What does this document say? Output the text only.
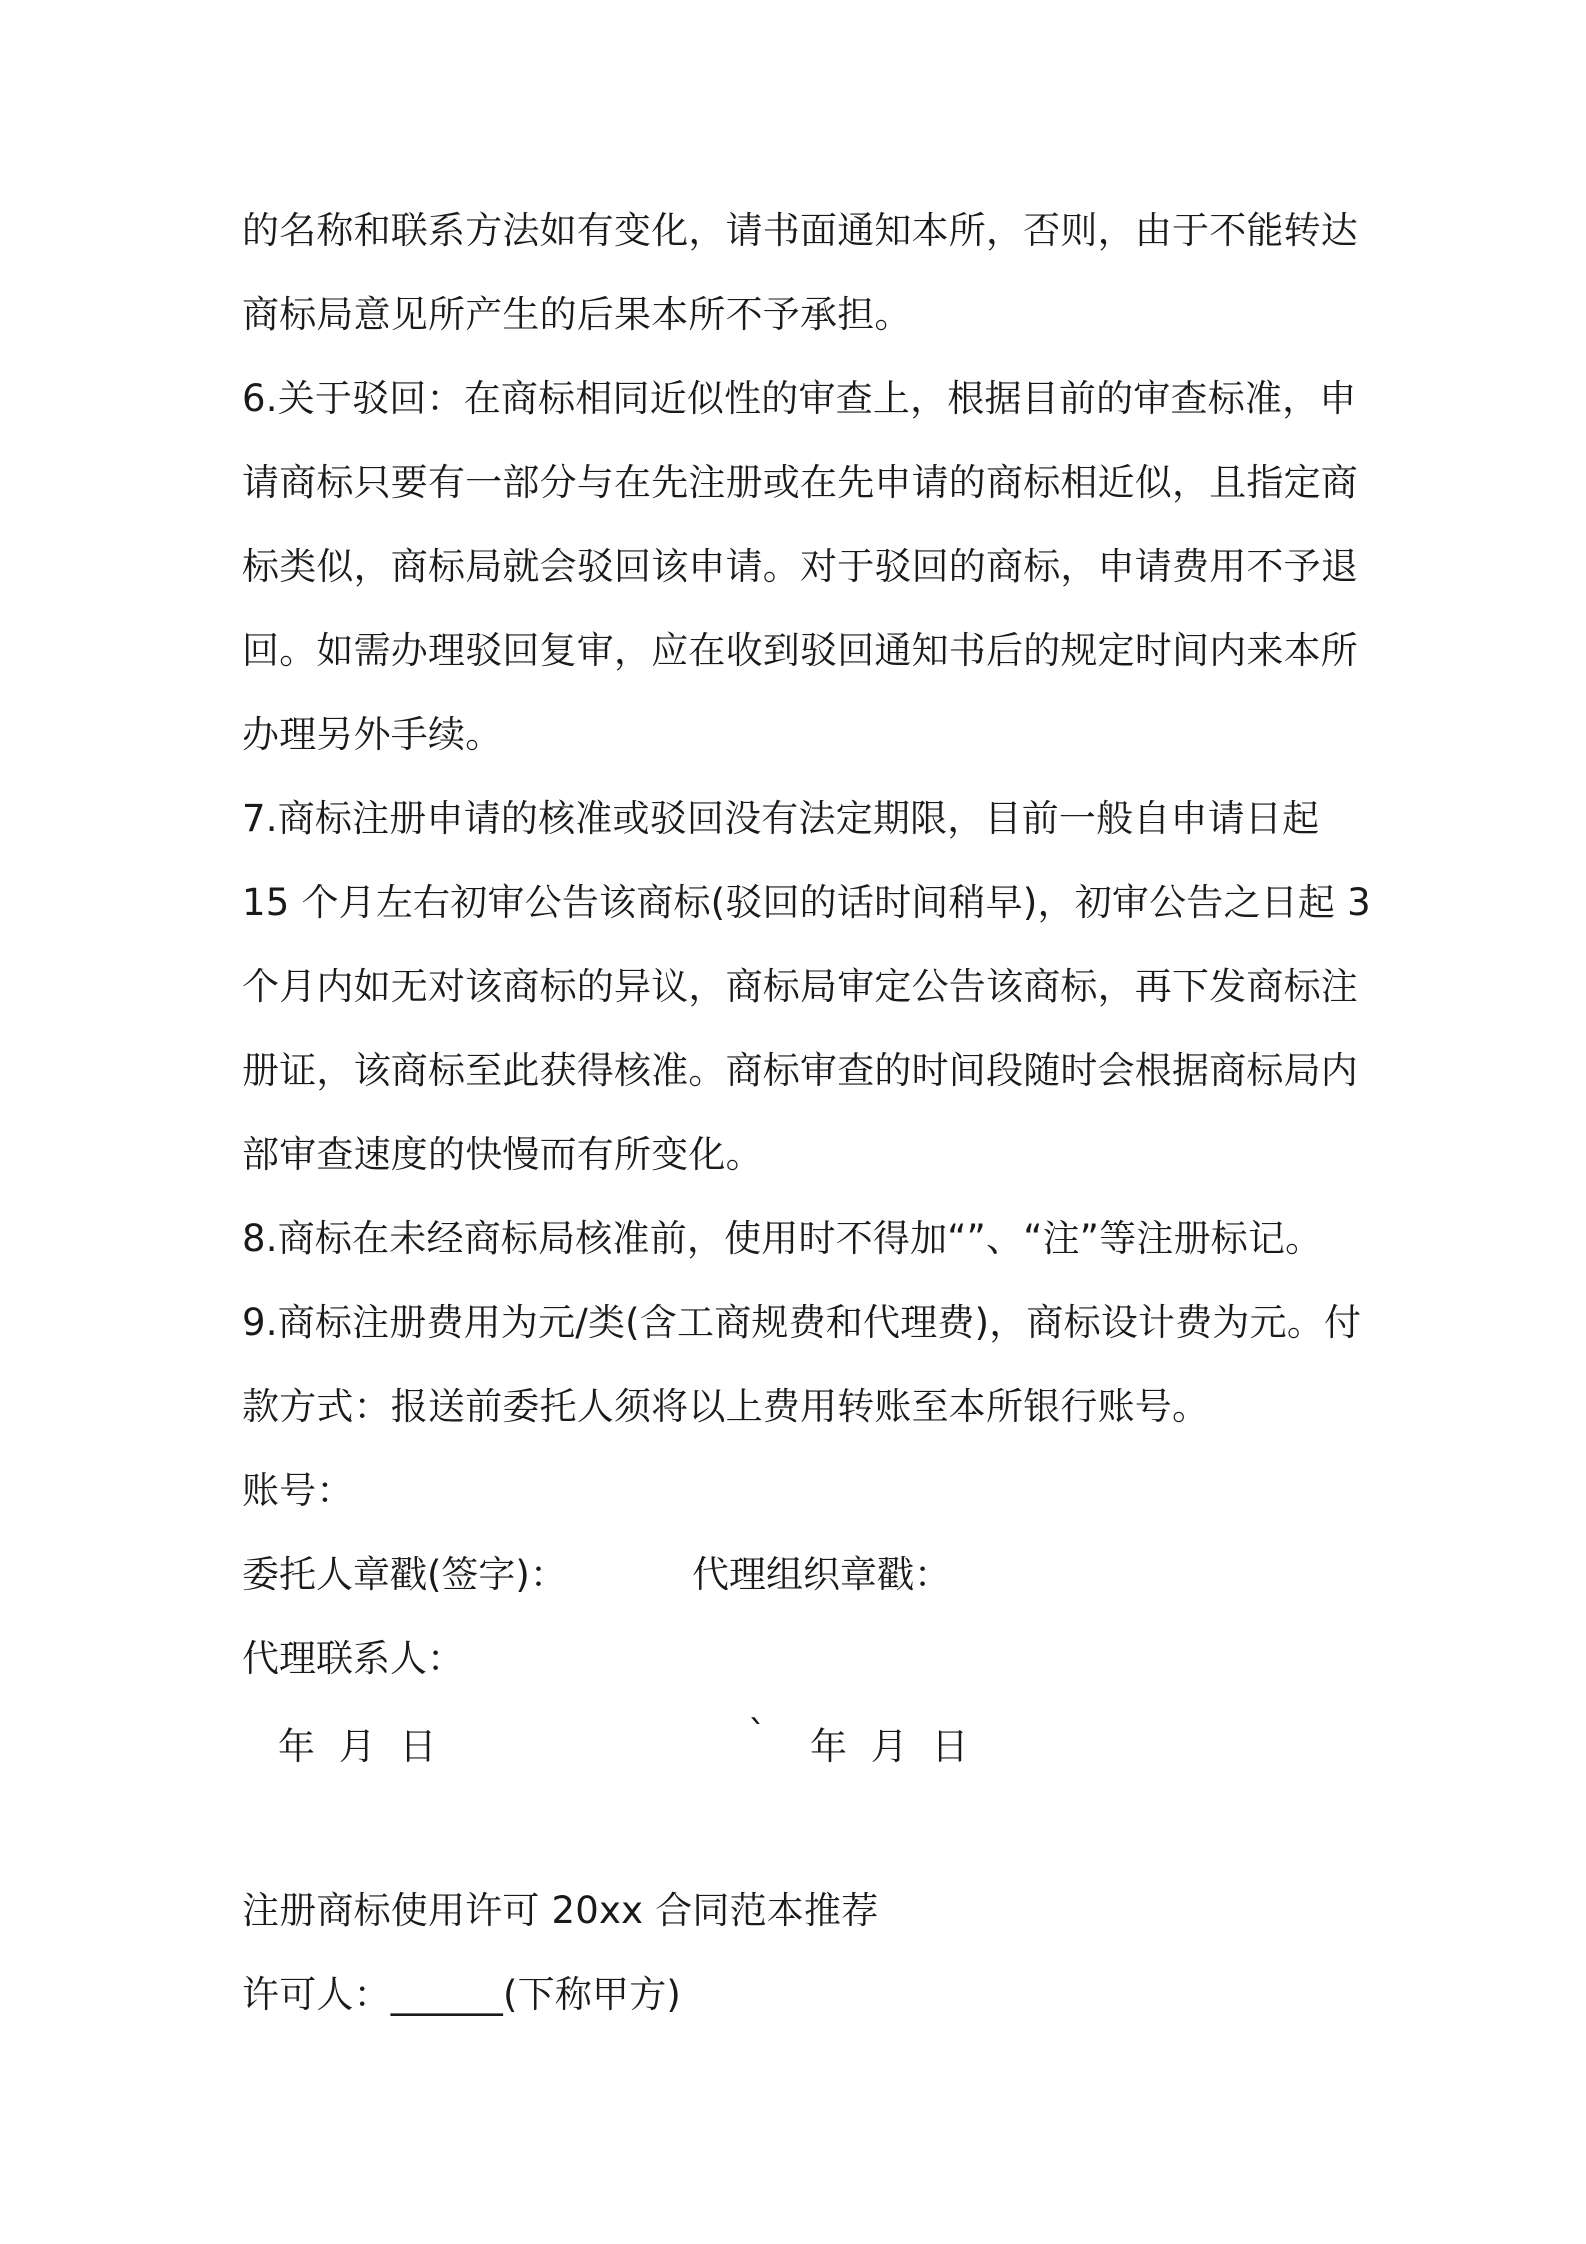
的名称和联系方法如有变化，请书面通知本所，否则，由于不能转达
商标局意见所产生的后果本所不予承担。
6.关于驳回：在商标相同近似性的审查上，根据目前的审查标准，申
请商标只要有一部分与在先注册或在先申请的商标相近似，且指定商
标类似，商标局就会驳回该申请。对于驳回的商标，申请费用不予退
回。如需办理驳回复审，应在收到驳回通知书后的规定时间内来本所
办理另外手续。
7.商标注册申请的核准或驳回没有法定期限，目前一般自申请日起
15 个月左右初审公告该商标(驳回的话时间稍早)，初审公告之日起 3
个月内如无对该商标的异议，商标局审定公告该商标，再下发商标注
册证，该商标至此获得核准。商标审查的时间段随时会根据商标局内
部审查速度的快慢而有所变化。
8.商标在未经商标局核准前，使用时不得加“”、“注”等注册标记。
9.商标注册费用为元/类(含工商规费和代理费)，商标设计费为元。付
款方式：报送前委托人须将以上费用转账至本所银行账号。
账号：
委托人章戳(签字)：	代理组织章戳：
代理联系人：
年 月 日	` 年 月 日
注册商标使用许可 20xx 合同范本推荐
许可人：______(下称甲方)
